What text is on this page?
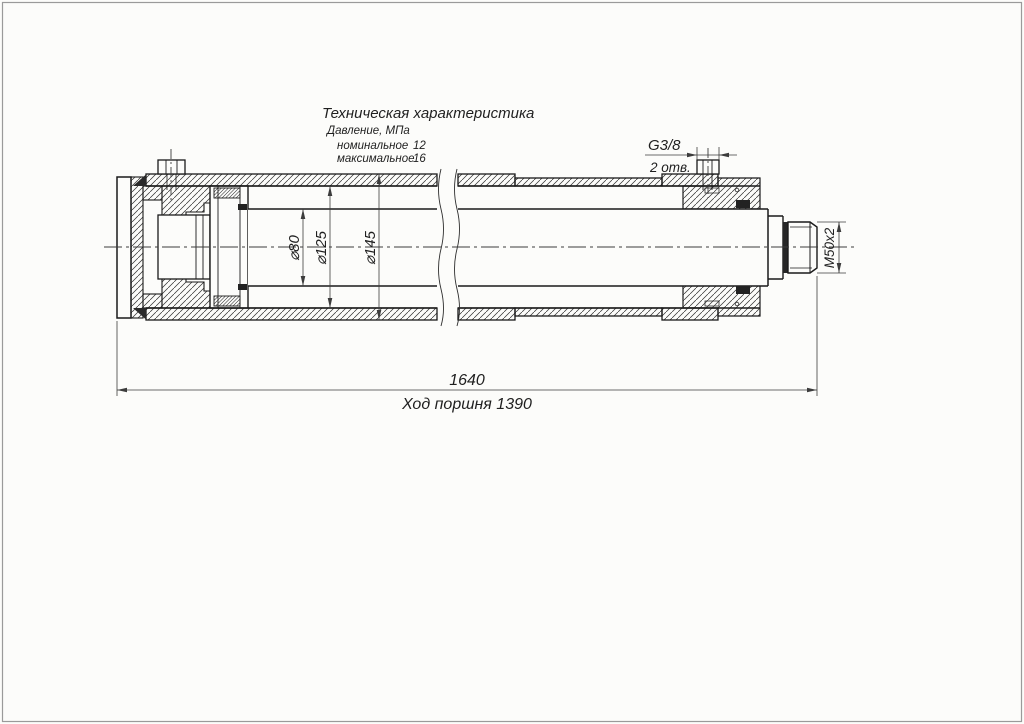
Техническая характеристика
Давление, МПа
номинальное 12
максимальное
16
⌀80 ⌀125 ⌀145
G3/8
2 отв.
M50x2
1640
Ход поршня 1390
